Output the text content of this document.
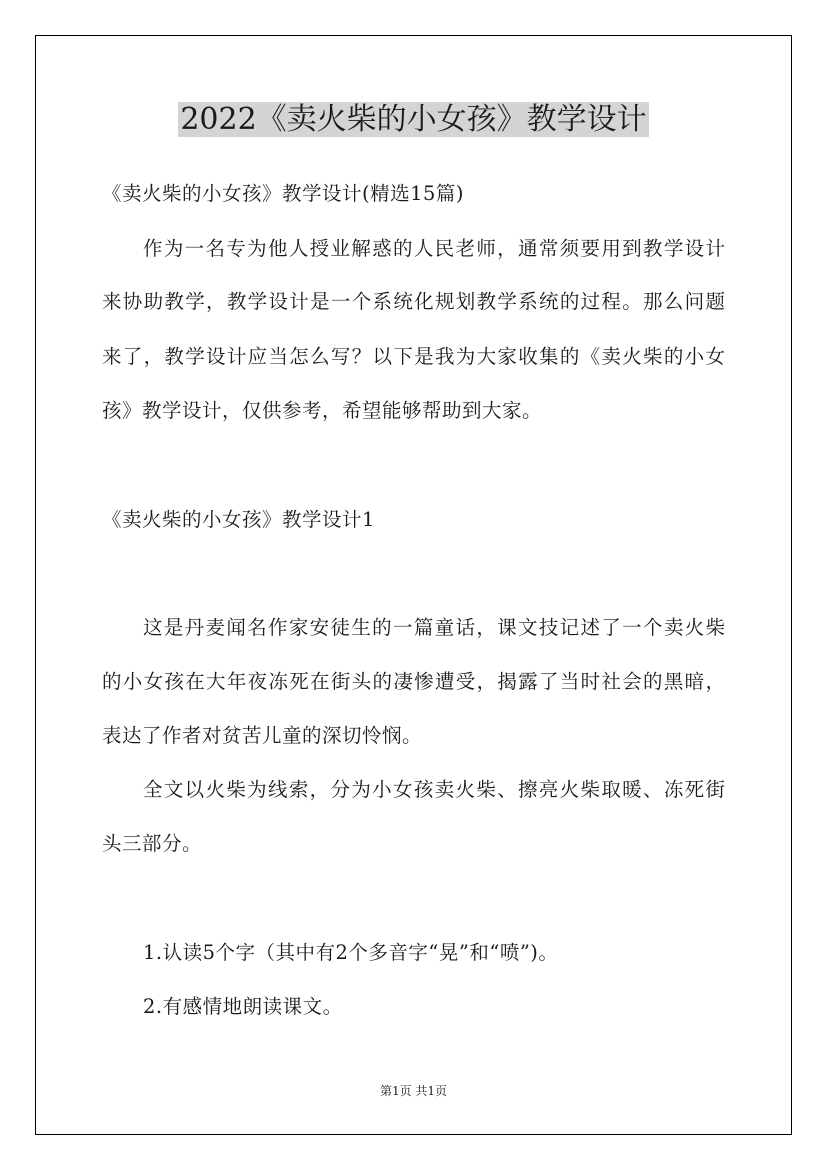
2022《卖火柴的小女孩》教学设计
《卖火柴的小女孩》教学设计(精选15篇)
作为一名专为他人授业解惑的人民老师，通常须要用到教学设计
来协助教学，教学设计是一个系统化规划教学系统的过程。那么问题
来了，教学设计应当怎么写？以下是我为大家收集的《卖火柴的小女
孩》教学设计，仅供参考，希望能够帮助到大家。
《卖火柴的小女孩》教学设计1
这是丹麦闻名作家安徒生的一篇童话，课文技记述了一个卖火柴
的小女孩在大年夜冻死在街头的凄惨遭受，揭露了当时社会的黑暗，
表达了作者对贫苦儿童的深切怜悯。
全文以火柴为线索，分为小女孩卖火柴、擦亮火柴取暖、冻死街
头三部分。
1.认读5个字（其中有2个多音字“晃”和“喷”)。
2.有感情地朗读课文。
第1页 共1页
